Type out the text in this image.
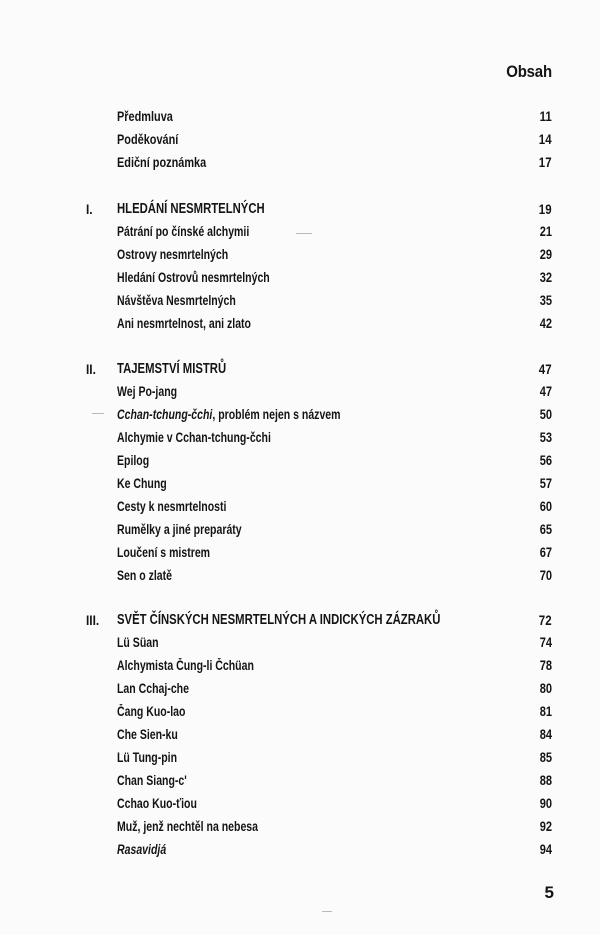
Obsah
Předmluva	11
Poděkování	14
Ediční poznámka	17
I. HLEDÁNÍ NESMRTELNÝCH	19
Pátrání po čínské alchymii	21
Ostrovy nesmrtelných	29
Hledání Ostrovů nesmrtelných	32
Návštěva Nesmrtelných	35
Ani nesmrtelnost, ani zlato	42
II. TAJEMSTVÍ MISTRŮ	47
Wej Po-jang	47
Cchan-tchung-čchi, problém nejen s názvem	50
Alchymie v Cchan-tchung-čchi	53
Epilog	56
Ke Chung	57
Cesty k nesmrtelnosti	60
Rumělky a jiné preparáty	65
Loučení s mistrem	67
Sen o zlatě	70
III. SVĚT ČÍNSKÝCH NESMRTELNÝCH A INDICKÝCH ZÁZRAKŮ	72
Lü Süan	74
Alchymista Čung-li Čchüan	78
Lan Cchaj-che	80
Čang Kuo-lao	81
Che Sien-ku	84
Lü Tung-pin	85
Chan Siang-c'	88
Cchao Kuo-ťiou	90
Muž, jenž nechtěl na nebesa	92
Rasavidjá	94
5
